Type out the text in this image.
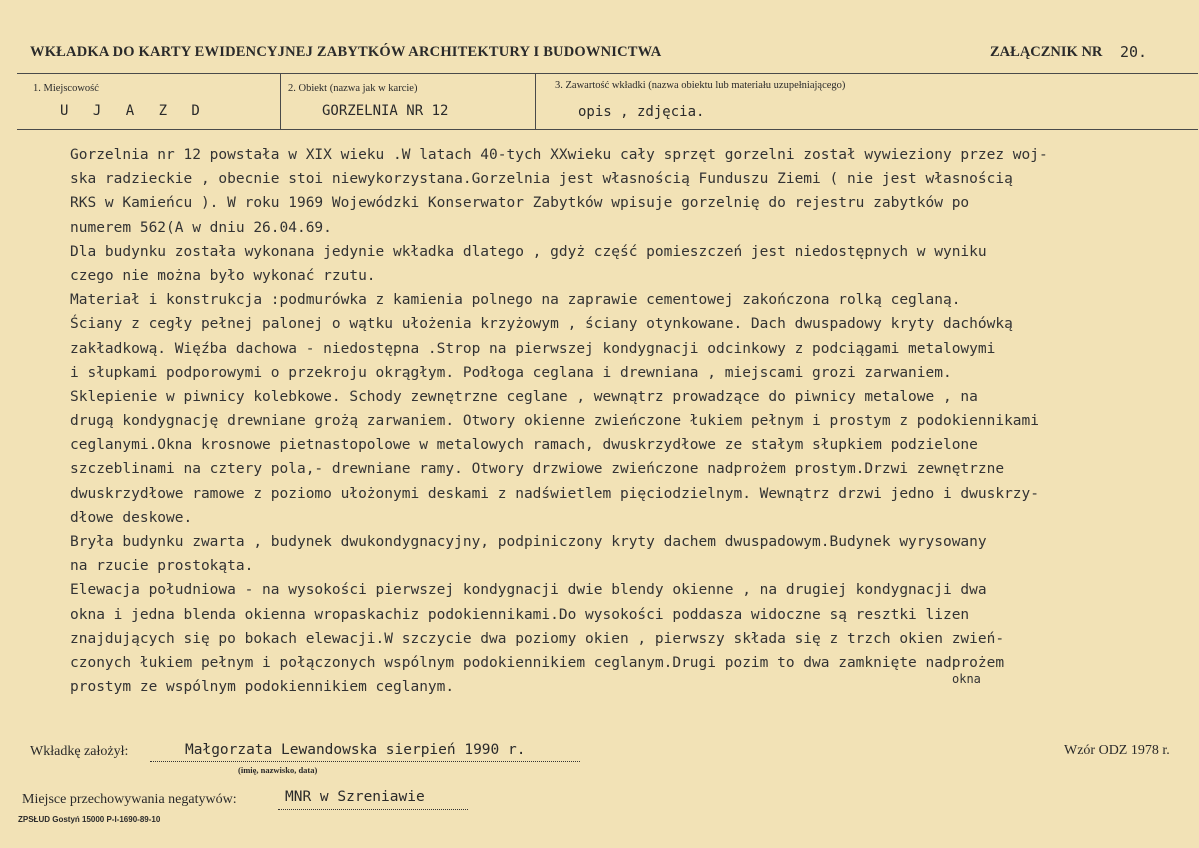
WKŁADKA DO KARTY EWIDENCYJNEJ ZABYTKÓW ARCHITEKTURY I BUDOWNICTWA	ZAŁĄCZNIK NR 20.
1. Miejscowość
U J A Z D
2. Obiekt (nazwa jak w karcie)
GORZELNIA NR 12
3. Zawartość wkładki (nazwa obiektu lub materiału uzupełniającego)
opis , zdjęcia.
Gorzelnia nr 12 powstała w XIX wieku .W latach 40-tych XXwieku cały sprzęt gorzelni został wywieziony przez woj-
ska radzieckie , obecnie stoi niewykorzystana.Gorzelnia jest własnością Funduszu Ziemi ( nie jest własnością
RKS w Kamieńcu ). W roku 1969 Wojewódzki Konserwator Zabytków wpisuje gorzelnię do rejestru zabytków po
numerem 562(A w dniu 26.04.69.
Dla budynku została wykonana jedynie wkładka dlatego , gdyż część pomieszczeń jest niedostępnych w wyniku
czego nie można było wykonać rzutu.
Materiał i konstrukcja :podmurówka z kamienia polnego na zaprawie cementowej zakończona rolką ceglaną.
Ściany z cegły pełnej palonej o wątku ułożenia krzyżowym , ściany otynkowane. Dach dwuspadowy kryty dachówką
zakładkową. Więźba dachowa - niedostępna .Strop na pierwszej kondygnacji odcinkowy z podciągami metalowymi
i słupkami podporowymi o przekroju okrągłym. Podłoga ceglana i drewniana , miejscami grozi zarwaniem.
Sklepienie w piwnicy kolebkowe. Schody zewnętrzne ceglane , wewnątrz prowadzące do piwnicy metalowe , na
drugą kondygnację drewniane grożą zarwaniem. Otwory okienne zwieńczone łukiem pełnym i prostym z podokiennikami
ceglanymi.Okna krosnowe pietnastopolowe w metalowych ramach, dwuskrzydłowe ze stałym słupkiem podzielone
szczeblinami na cztery pola,- drewniane ramy. Otwory drzwiowe zwieńczone nadprożem prostym.Drzwi zewnętrzne
dwuskrzydłowe ramowe z poziomo ułożonymi deskami z nadświetlem pięciodzielnym. Wewnątrz drzwi jedno i dwuskrzy-
dłowe deskowe.
Bryła budynku zwarta , budynek dwukondygnacyjny, podpiniczony kryty dachem dwuspadowym.Budynek wyrysowany
na rzucie prostokąta.
Elewacja południowa - na wysokości pierwszej kondygnacji dwie blendy okienne , na drugiej kondygnacji dwa
okna i jedna blenda okienna wropaskachiz podokiennikami.Do wysokości poddasza widoczne są resztki lizen
znajdujących się po bokach elewacji.W szczycie dwa poziomy okien , pierwszy składa się z trzch okien zwień-
czonych łukiem pełnym i połączonych wspólnym podokiennikiem ceglanym.Drugi pozim to dwa zamknięte nadprożem
prostym ze wspólnym podokiennikiem ceglanym.
okna
Wkładkę założył:	Małgorzata Lewandowska sierpień 1990 r.
(imię, nazwisko, data)
Wzór ODZ 1978 r.
Miejsce przechowywania negatywów:	MNR w Szreniawie
ZPSŁUD Gostyń 15000 P-I-1690-89-10
